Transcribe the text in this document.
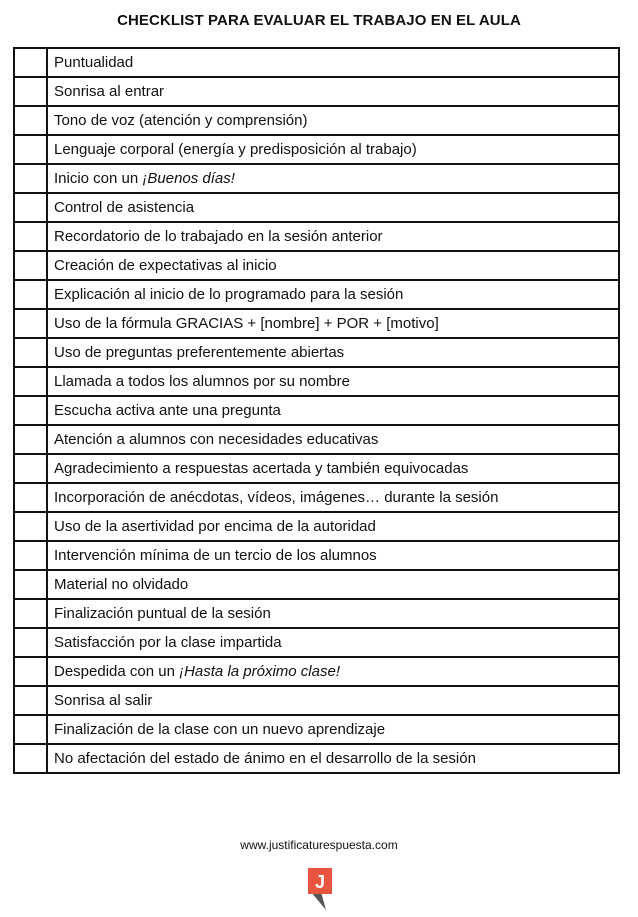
CHECKLIST PARA EVALUAR EL TRABAJO EN EL AULA
	Puntualidad
	Sonrisa al entrar
	Tono de voz (atención y comprensión)
	Lenguaje corporal (energía y predisposición al trabajo)
	Inicio con un ¡Buenos días!
	Control de asistencia
	Recordatorio de lo trabajado en la sesión anterior
	Creación de expectativas al inicio
	Explicación al inicio de lo programado para la sesión
	Uso de la fórmula GRACIAS + [nombre] + POR + [motivo]
	Uso de preguntas preferentemente abiertas
	Llamada a todos los alumnos por su nombre
	Escucha activa ante una pregunta
	Atención a alumnos con necesidades educativas
	Agradecimiento a respuestas acertada y también equivocadas
	Incorporación de anécdotas, vídeos, imágenes… durante la sesión
	Uso de la asertividad por encima de la autoridad
	Intervención mínima de un tercio de los alumnos
	Material no olvidado
	Finalización puntual de la sesión
	Satisfacción por la clase impartida
	Despedida con un ¡Hasta la próximo clase!
	Sonrisa al salir
	Finalización de la clase con un nuevo aprendizaje
	No afectación del estado de ánimo en el desarrollo de la sesión
www.justificaturespuesta.com
J
